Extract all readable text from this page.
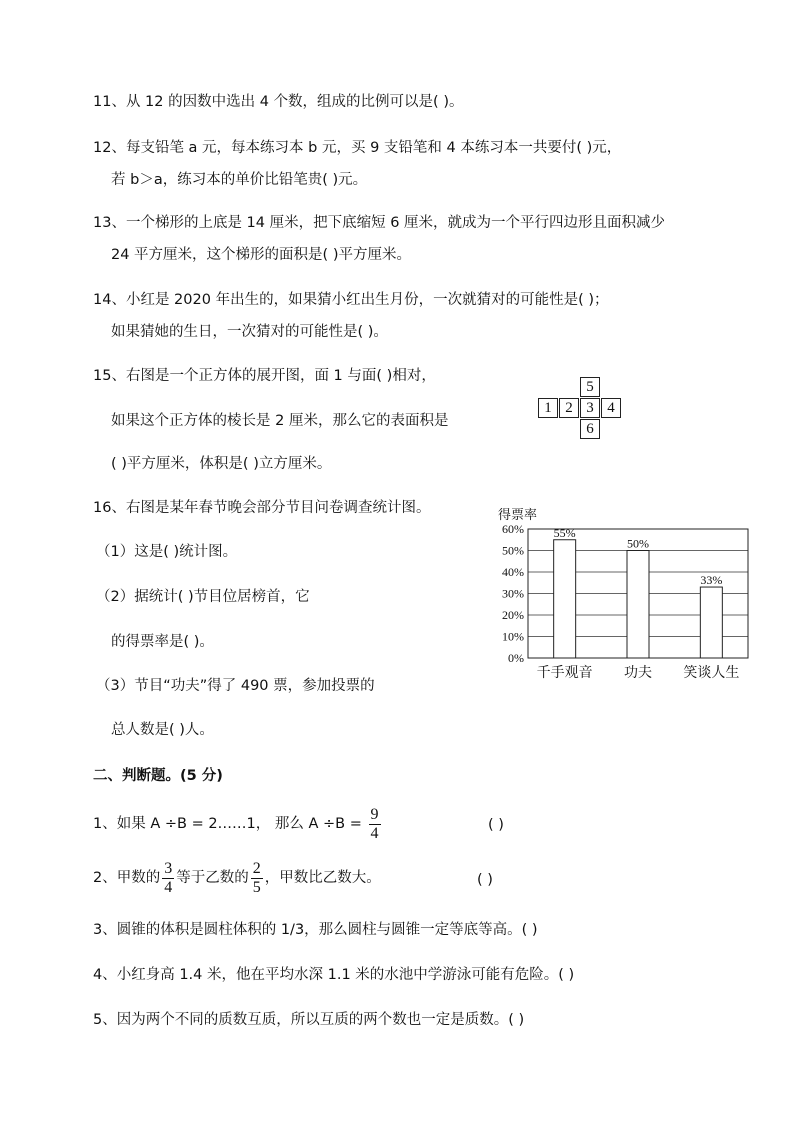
11、从 12 的因数中选出 4 个数，组成的比例可以是( )。
12、每支铅笔 a 元，每本练习本 b 元，买 9 支铅笔和 4 本练习本一共要付( )元，
若 b＞a，练习本的单价比铅笔贵( )元。
13、一个梯形的上底是 14 厘米，把下底缩短 6 厘米，就成为一个平行四边形且面积减少
24 平方厘米，这个梯形的面积是( )平方厘米。
14、小红是 2020 年出生的，如果猜小红出生月份，一次就猜对的可能性是( )；
如果猜她的生日，一次猜对的可能性是( )。
15、右图是一个正方体的展开图，面 1 与面( )相对，
如果这个正方体的棱长是 2 厘米，那么它的表面积是
( )平方厘米，体积是( )立方厘米。
1 2 3 4
5
6
16、右图是某年春节晚会部分节目问卷调查统计图。
（1）这是( )统计图。
（2）据统计( )节目位居榜首，它
的得票率是( )。
（3）节目“功夫”得了 490 票，参加投票的
总人数是( )人。
得票率
0%
10%
20%
30%
40%
50%
60% 55%
千手观音
50%
功夫
33%
笑谈人生
二、判断题。(5 分)
1、如果 A ÷B = 2……1， 那么 $A \div B = \frac{9}{4}$	( )
2、甲数的 $\frac{3}{4}$ 等于乙数的 $\frac{2}{5}$ ，甲数比乙数大。	( )
3、圆锥的体积是圆柱体积的 1/3，那么圆柱与圆锥一定等底等高。( )
4、小红身高 1.4 米，他在平均水深 1.1 米的水池中学游泳可能有危险。( )
5、因为两个不同的质数互质，所以互质的两个数也一定是质数。( )
